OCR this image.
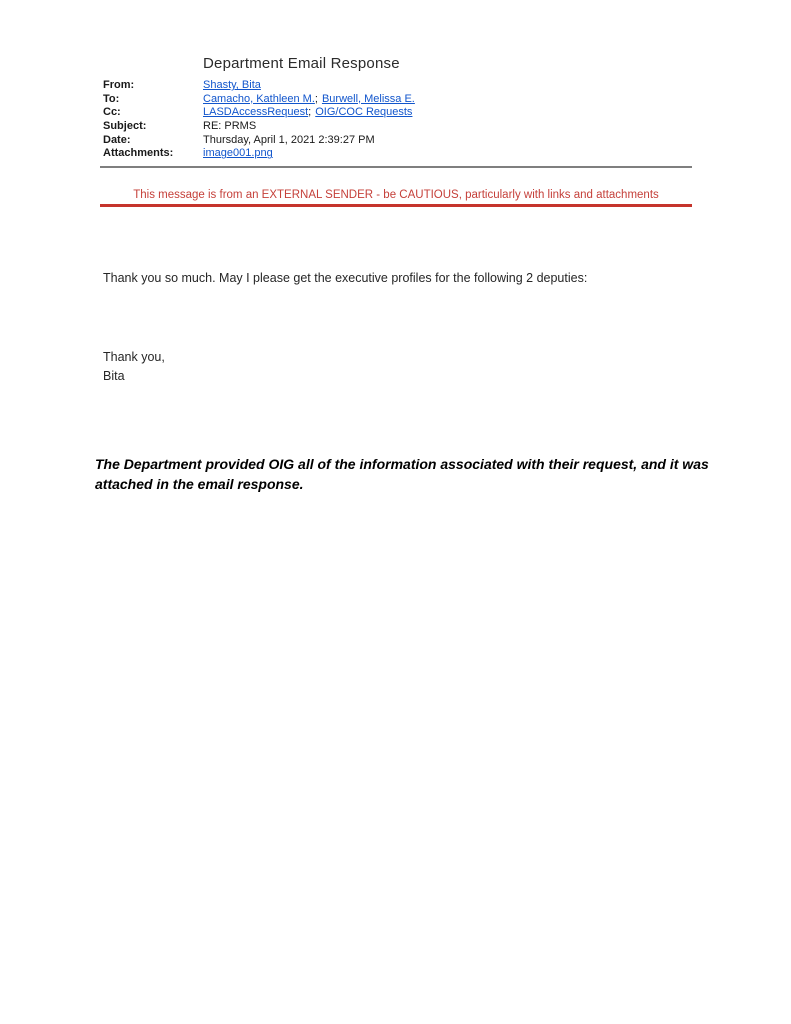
Department Email Response
From:	Shasty, Bita
To:	Camacho, Kathleen M.; Burwell, Melissa E.
Cc:	LASDAccessRequest; OIG/COC Requests
Subject:	RE: PRMS
Date:	Thursday, April 1, 2021 2:39:27 PM
Attachments:	image001.png
This message is from an EXTERNAL SENDER - be CAUTIOUS, particularly with links and attachments
Thank you so much. May I please get the executive profiles for the following 2 deputies:
Thank you,
Bita
The Department provided OIG all of the information associated with their request, and it was attached in the email response.
